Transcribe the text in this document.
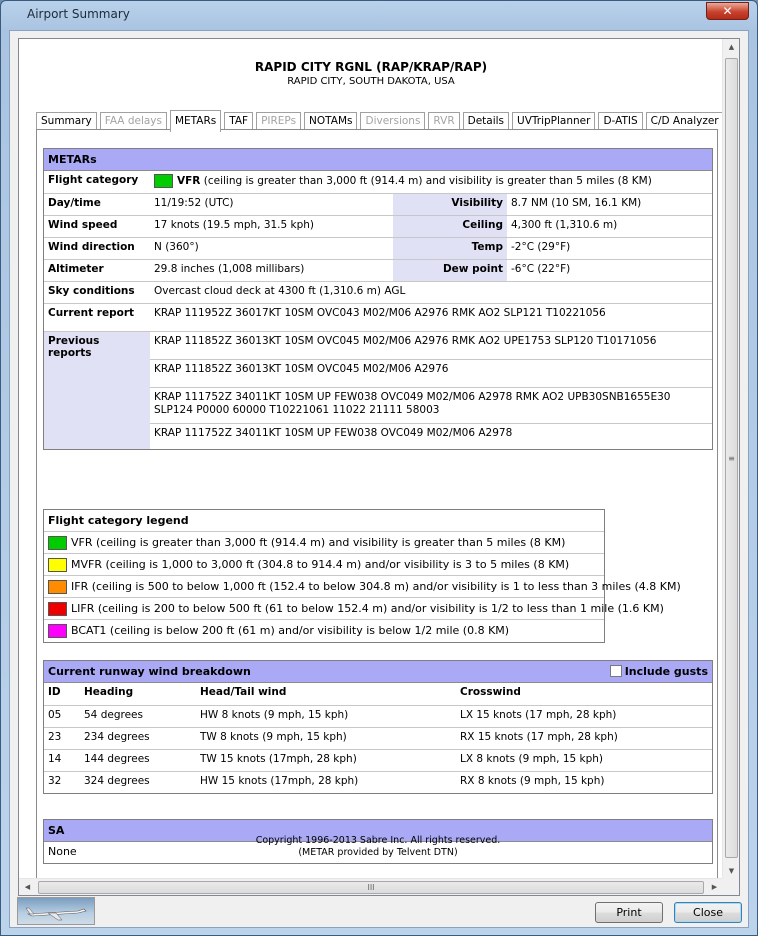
Airport Summary	✕
RAPID CITY RGNL (RAP/KRAP/RAP)
RAPID CITY, SOUTH DAKOTA, USA
Summary FAA delays METARs TAF PIREPs NOTAMs Diversions RVR Details UVTripPlanner D-ATIS C/D Analyzer
METARs
Flight category	VFR (ceiling is greater than 3,000 ft (914.4 m) and visibility is greater than 5 miles (8 KM)		
Day/time	11/19:52 (UTC)	Visibility	8.7 NM (10 SM, 16.1 KM)
Wind speed	17 knots (19.5 mph, 31.5 kph)	Ceiling	4,300 ft (1,310.6 m)
Wind direction	N (360°)	Temp	-2°C (29°F)
Altimeter	29.8 inches (1,008 millibars)	Dew point	-6°C (22°F)
Sky conditions	Overcast cloud deck at 4300 ft (1,310.6 m) AGL		
Current report	KRAP 111952Z 36017KT 10SM OVC043 M02/M06 A2976 RMK AO2 SLP121 T10221056		
Previous reports	KRAP 111852Z 36013KT 10SM OVC045 M02/M06 A2976 RMK AO2 UPE1753 SLP120 T10171056		
	KRAP 111852Z 36013KT 10SM OVC045 M02/M06 A2976		
	KRAP 111752Z 34011KT 10SM UP FEW038 OVC049 M02/M06 A2978 RMK AO2 UPB30SNB1655E30 SLP124 P0000 60000 T10221061 11022 21111 58003		
	KRAP 111752Z 34011KT 10SM UP FEW038 OVC049 M02/M06 A2978		
Flight category legend
VFR (ceiling is greater than 3,000 ft (914.4 m) and visibility is greater than 5 miles (8 KM)
MVFR (ceiling is 1,000 to 3,000 ft (304.8 to 914.4 m) and/or visibility is 3 to 5 miles (8 KM)
IFR (ceiling is 500 to below 1,000 ft (152.4 to below 304.8 m) and/or visibility is 1 to less than 3 miles (4.8 KM)
LIFR (ceiling is 200 to below 500 ft (61 to below 152.4 m) and/or visibility is 1/2 to less than 1 mile (1.6 KM)
BCAT1 (ceiling is below 200 ft (61 m) and/or visibility is below 1/2 mile (0.8 KM)
Current runway wind breakdown	Include gusts
ID	Heading	Head/Tail wind	Crosswind
05	54 degrees	HW 8 knots (9 mph, 15 kph)	LX 15 knots (17 mph, 28 kph)
23	234 degrees	TW 8 knots (9 mph, 15 kph)	RX 15 knots (17 mph, 28 kph)
14	144 degrees	TW 15 knots (17mph, 28 kph)	LX 8 knots (9 mph, 15 kph)
32	324 degrees	HW 15 knots (17mph, 28 kph)	RX 8 knots (9 mph, 15 kph)
SA
None
Copyright 1996-2013 Sabre Inc. All rights reserved.
(METAR provided by Telvent DTN)
▲
≡
▼
◀	III	▶
Print	Close
